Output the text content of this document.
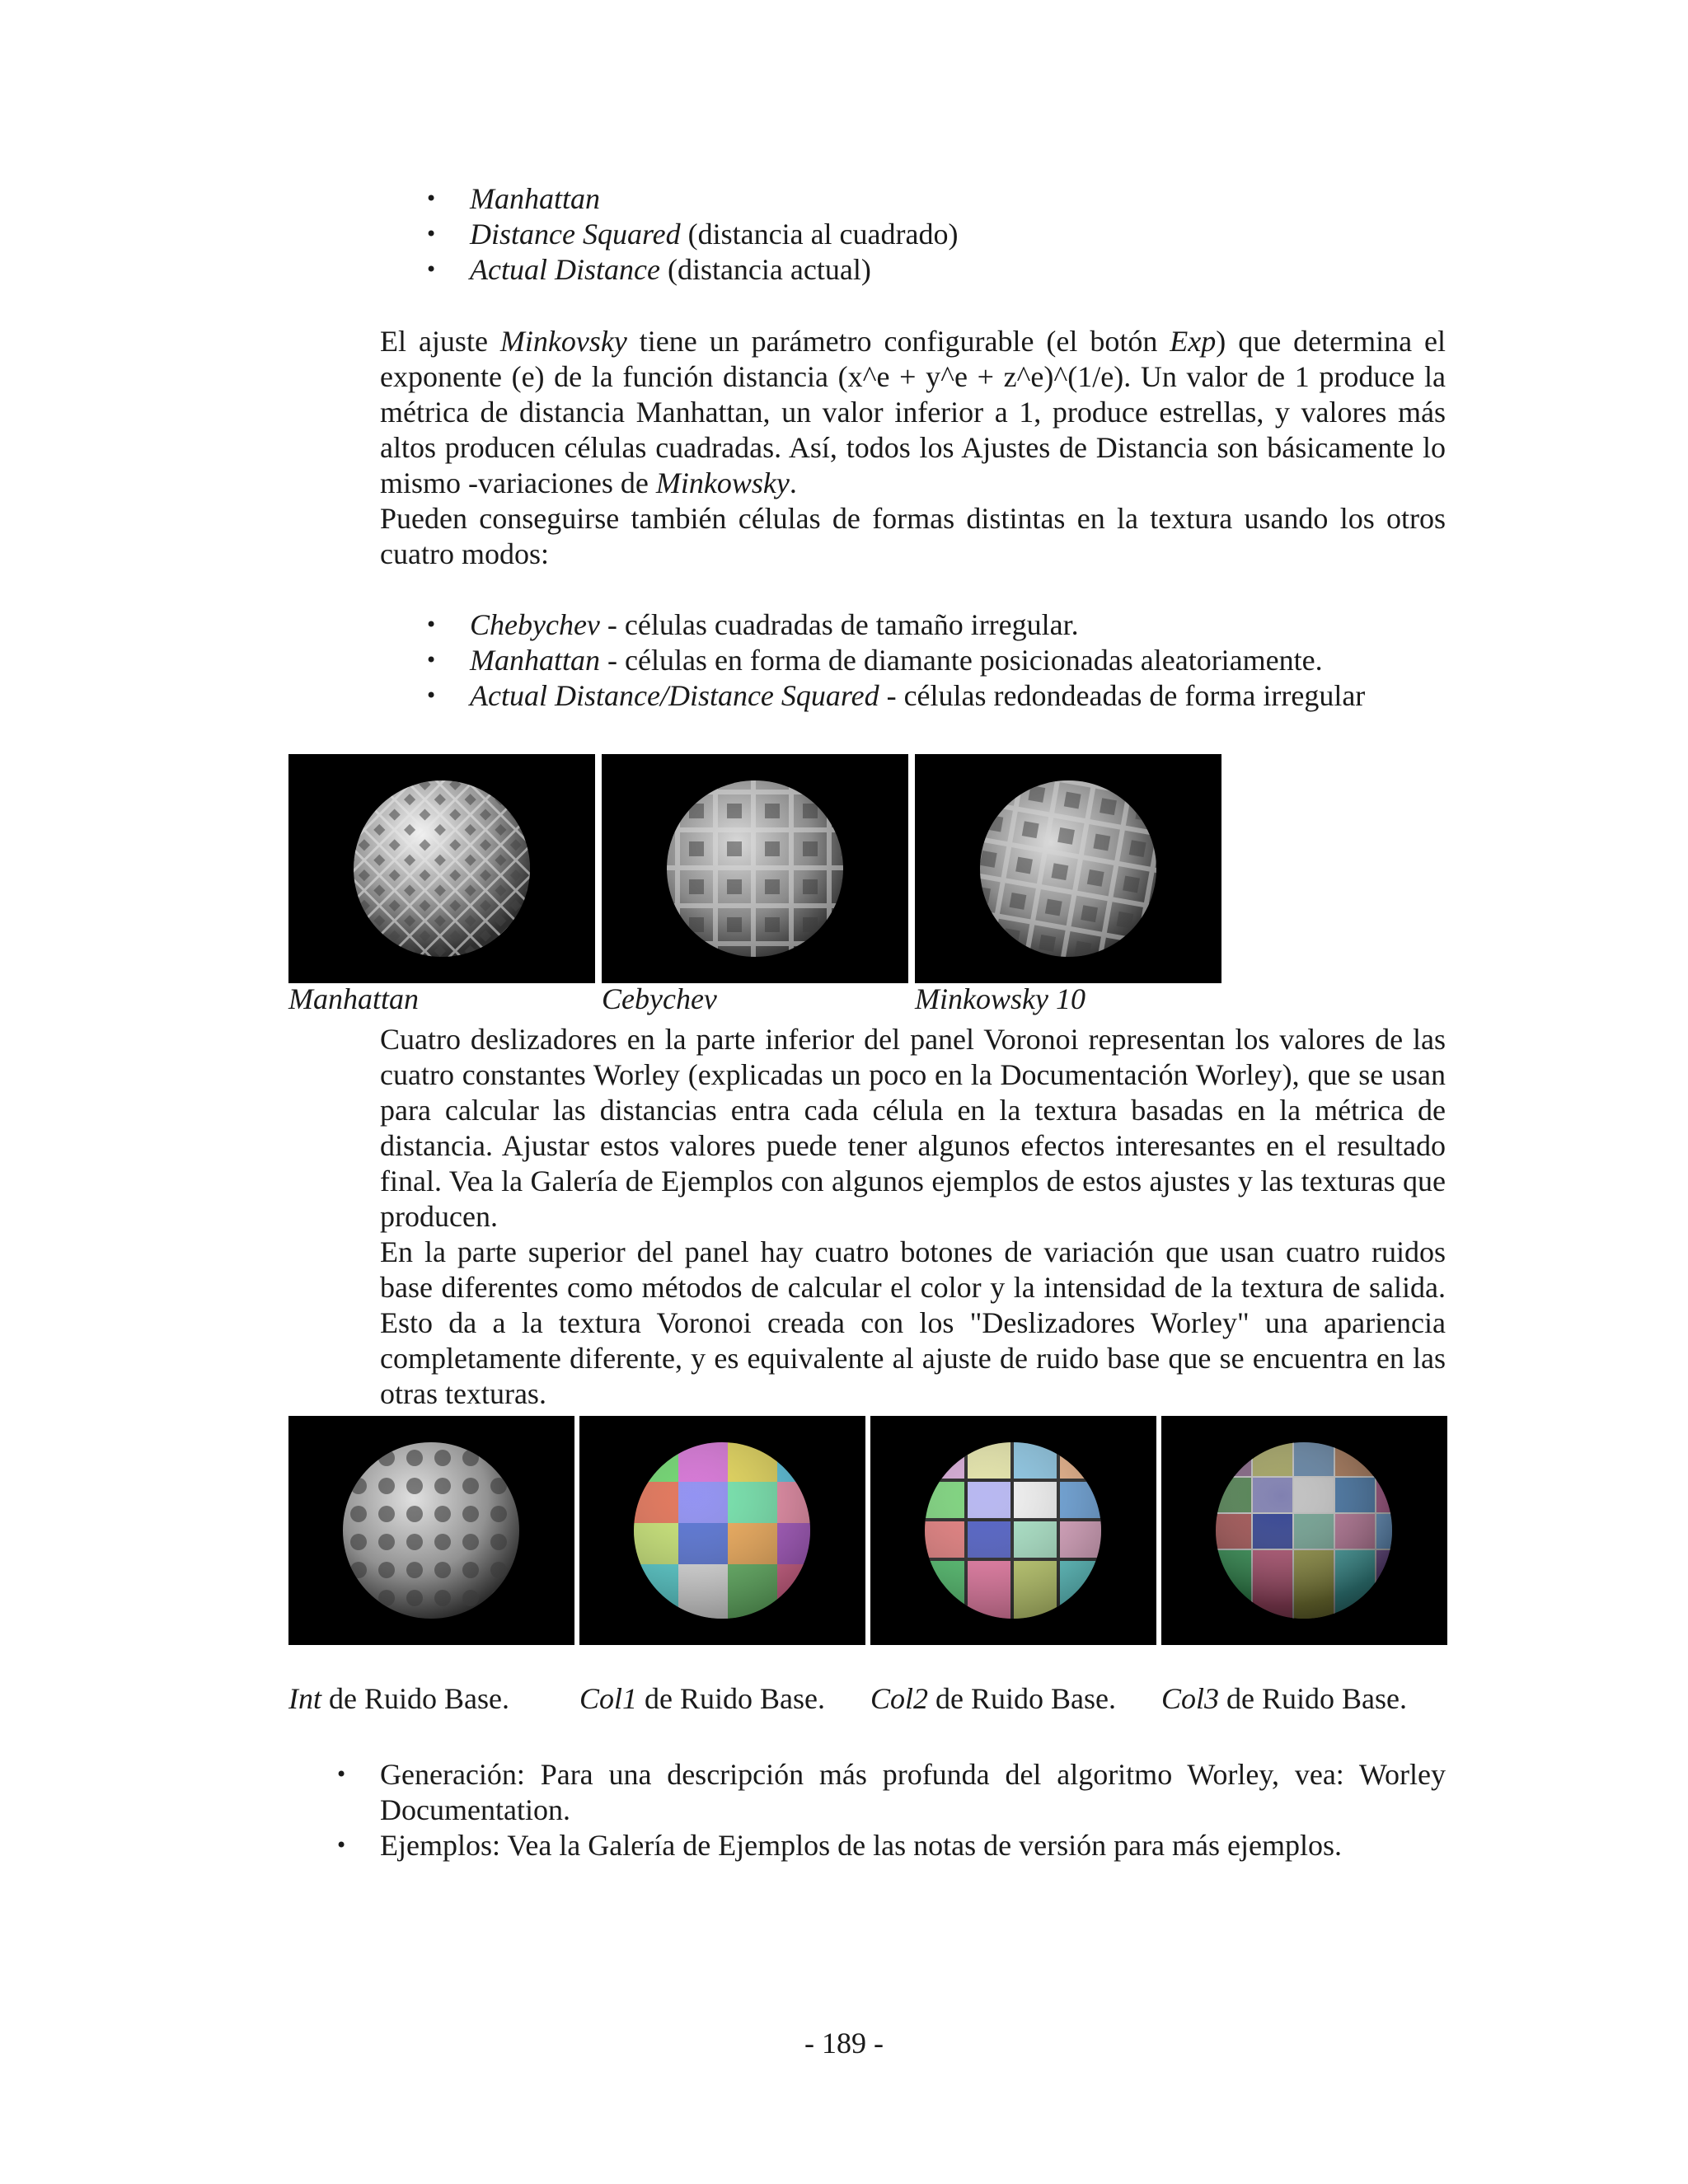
• Manhattan
• Distance Squared (distancia al cuadrado)
• Actual Distance (distancia actual)

El ajuste Minkovsky tiene un parámetro configurable (el botón Exp) que determina el exponente (e) de la función distancia (x^e + y^e + z^e)^(1/e). Un valor de 1 produce la métrica de distancia Manhattan, un valor inferior a 1, produce estrellas, y valores más altos producen células cuadradas. Así, todos los Ajustes de Distancia son básicamente lo mismo -variaciones de Minkowsky.

Pueden conseguirse también células de formas distintas en la textura usando los otros cuatro modos:

• Chebychev - células cuadradas de tamaño irregular.
• Manhattan - células en forma de diamante posicionadas aleatoriamente.
• Actual Distance/Distance Squared - células redondeadas de forma irregular
Manhattan	Cebychev	Minkowsky 10

Cuatro deslizadores en la parte inferior del panel Voronoi representan los valores de las cuatro constantes Worley (explicadas un poco en la Documentación Worley), que se usan para calcular las distancias entra cada célula en la textura basadas en la métrica de distancia. Ajustar estos valores puede tener algunos efectos interesantes en el resultado final. Vea la Galería de Ejemplos con algunos ejemplos de estos ajustes y las texturas que producen.

En la parte superior del panel hay cuatro botones de variación que usan cuatro ruidos base diferentes como métodos de calcular el color y la intensidad de la textura de salida. Esto da a la textura Voronoi creada con los "Deslizadores Worley" una apariencia completamente diferente, y es equivalente al ajuste de ruido base que se encuentra en las otras texturas.

Int de Ruido Base. Col1 de Ruido Base. Col2 de Ruido Base. Col3 de Ruido Base.

• Generación: Para una descripción más profunda del algoritmo Worley, vea: Worley Documentation.

• Ejemplos: Vea la Galería de Ejemplos de las notas de versión para más ejemplos.

- 189 -
